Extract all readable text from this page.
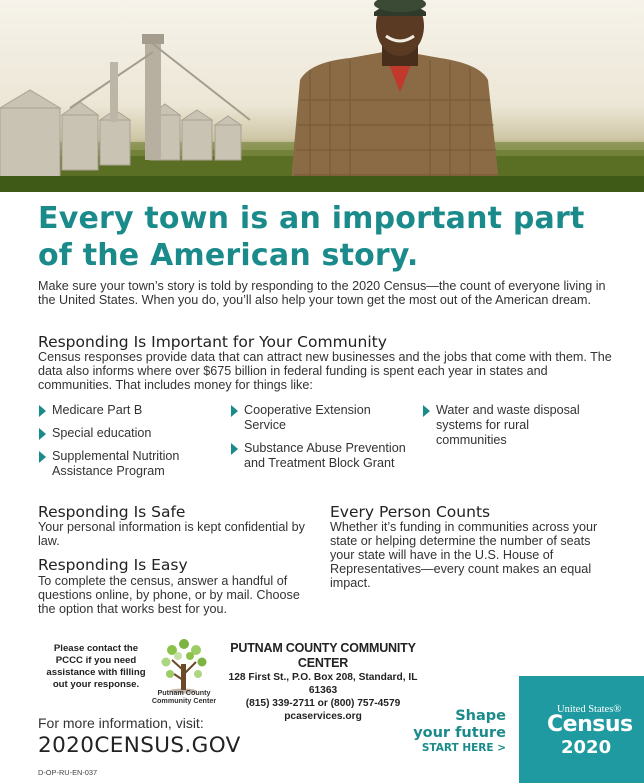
Every town is an important part of the American story.
Make sure your town’s story is told by responding to the 2020 Census—the count of everyone living in the United States. When you do, you’ll also help your town get the most out of the American dream.
Responding Is Important for Your Community
Census responses provide data that can attract new businesses and the jobs that come with them. The data also informs where over $675 billion in federal funding is spent each year in states and communities. That includes money for things like:
Medicare Part B
Special education
Supplemental Nutrition Assistance Program
Cooperative Extension Service
Substance Abuse Prevention and Treatment Block Grant
Water and waste disposal systems for rural communities
Responding Is Safe
Your personal information is kept confidential by law.
Responding Is Easy
To complete the census, answer a handful of questions online, by phone, or by mail. Choose the option that works best for you.
Every Person Counts
Whether it’s funding in communities across your state or helping determine the number of seats your state will have in the U.S. House of Representatives—every count makes an equal impact.
Please contact the PCCC if you need assistance with filling out your response.
Putnam County Community Center
PUTNAM COUNTY COMMUNITY CENTER
128 First St., P.O. Box 208, Standard, IL 61363
(815) 339-2711 or (800) 757-4579
pcaservices.org
For more information, visit:
2020CENSUS.GOV
D-OP-RU-EN-037
Shape
your future
START HERE >
United States®
Census
2020
